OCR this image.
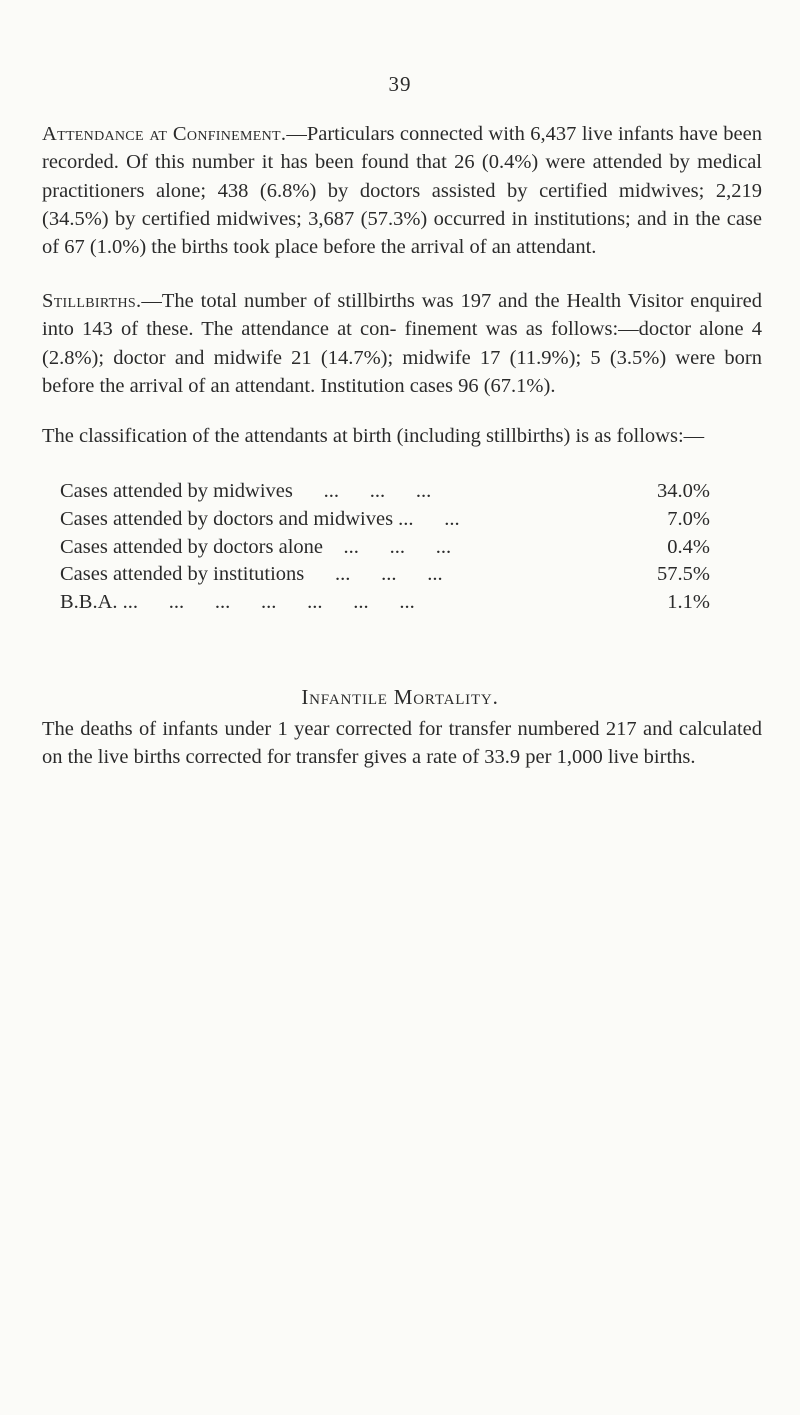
39

Attendance at Confinement.—Particulars connected with 6,437 live infants have been recorded. Of this number it has been found that 26 (0.4%) were attended by medical practitioners alone; 438 (6.8%) by doctors assisted by certified midwives; 2,219 (34.5%) by certified midwives; 3,687 (57.3%) occurred in institutions; and in the case of 67 (1.0%) the births took place before the arrival of an attendant.

Stillbirths.—The total number of stillbirths was 197 and the Health Visitor enquired into 143 of these. The attendance at con- finement was as follows:—doctor alone 4 (2.8%); doctor and midwife 21 (14.7%); midwife 17 (11.9%); 5 (3.5%) were born before the arrival of an attendant. Institution cases 96 (67.1%).

The classification of the attendants at birth (including stillbirths) is as follows:—

Cases attended by midwives      ...      ...      ...	34.0%
Cases attended by doctors and midwives ...      ...	7.0%
Cases attended by doctors alone    ...      ...      ...	0.4%
Cases attended by institutions      ...      ...      ...	57.5%
B.B.A. ...      ...      ...      ...      ...      ...      ...	1.1%
Infantile Mortality.

The deaths of infants under 1 year corrected for transfer numbered 217 and calculated on the live births corrected for transfer gives a rate of 33.9 per 1,000 live births.
